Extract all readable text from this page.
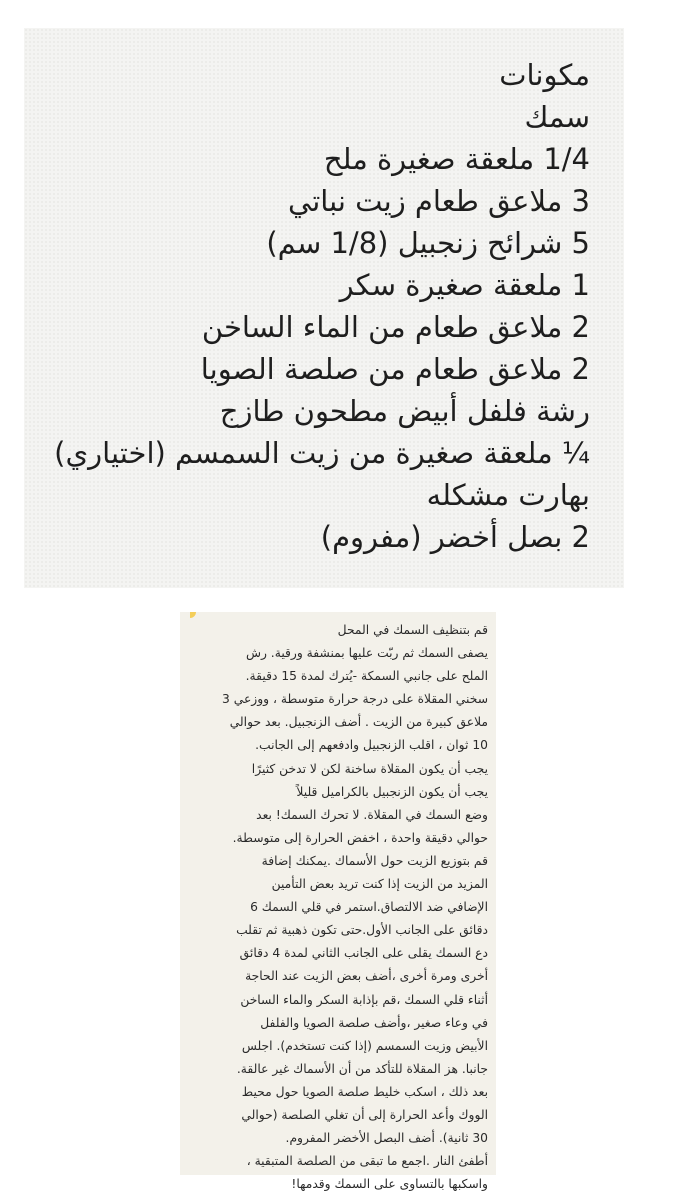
مكونات
سمك
1/4 ملعقة صغيرة ملح
3 ملاعق طعام زيت نباتي
5 شرائح زنجبيل (1/8 سم)
1 ملعقة صغيرة سكر
2 ملاعق طعام من الماء الساخن
2 ملاعق طعام من صلصة الصويا
رشة فلفل أبيض مطحون طازج
¼ ملعقة صغيرة من زيت السمسم (اختياري)
بهارت مشكله
2 بصل أخضر (مفروم)
قم بتنظيف السمك في المحل
يصفى السمك ثم ربّت عليها بمنشفة ورقية. رش
الملح على جانبي السمكة -يُترك لمدة 15 دقيقة.
سخني المقلاة على درجة حرارة متوسطة ، ووزعي 3
ملاعق كبيرة من الزيت . أضف الزنجبيل. بعد حوالي
10 ثوان ، اقلب الزنجبيل وادفعهم إلى الجانب.
يجب أن يكون المقلاة ساخنة لكن لا تدخن كثيرًا
يجب أن يكون الزنجبيل بالكراميل قليلاً
وضع السمك في المقلاة. لا تحرك السمك! بعد
حوالي دقيقة واحدة ، اخفض الحرارة إلى متوسطة.
قم بتوزيع الزيت حول الأسماك .يمكنك إضافة
المزيد من الزيت إذا كنت تريد بعض التأمين
الإضافي ضد الالتصاق.استمر في قلي السمك 6
دقائق على الجانب الأول.حتى تكون ذهبية ثم تقلب
دع السمك يقلى على الجانب الثاني لمدة 4 دقائق
أخرى ومرة أخرى ،أضف بعض الزيت عند الحاجة
أثناء قلي السمك ،قم بإذابة السكر والماء الساخن
في وعاء صغير ،وأضف صلصة الصويا والفلفل
الأبيض وزيت السمسم (إذا كنت تستخدم). اجلس
جانبا. هز المقلاة للتأكد من أن الأسماك غير عالقة.
بعد ذلك ، اسكب خليط صلصة الصويا حول محيط
الووك وأعد الحرارة إلى أن تغلي الصلصة (حوالي
30 ثانية). أضف البصل الأخضر المفروم.
أطفئ النار .اجمع ما تبقى من الصلصة المتبقية ،
واسكبها بالتساوى على السمك وقدمها!
